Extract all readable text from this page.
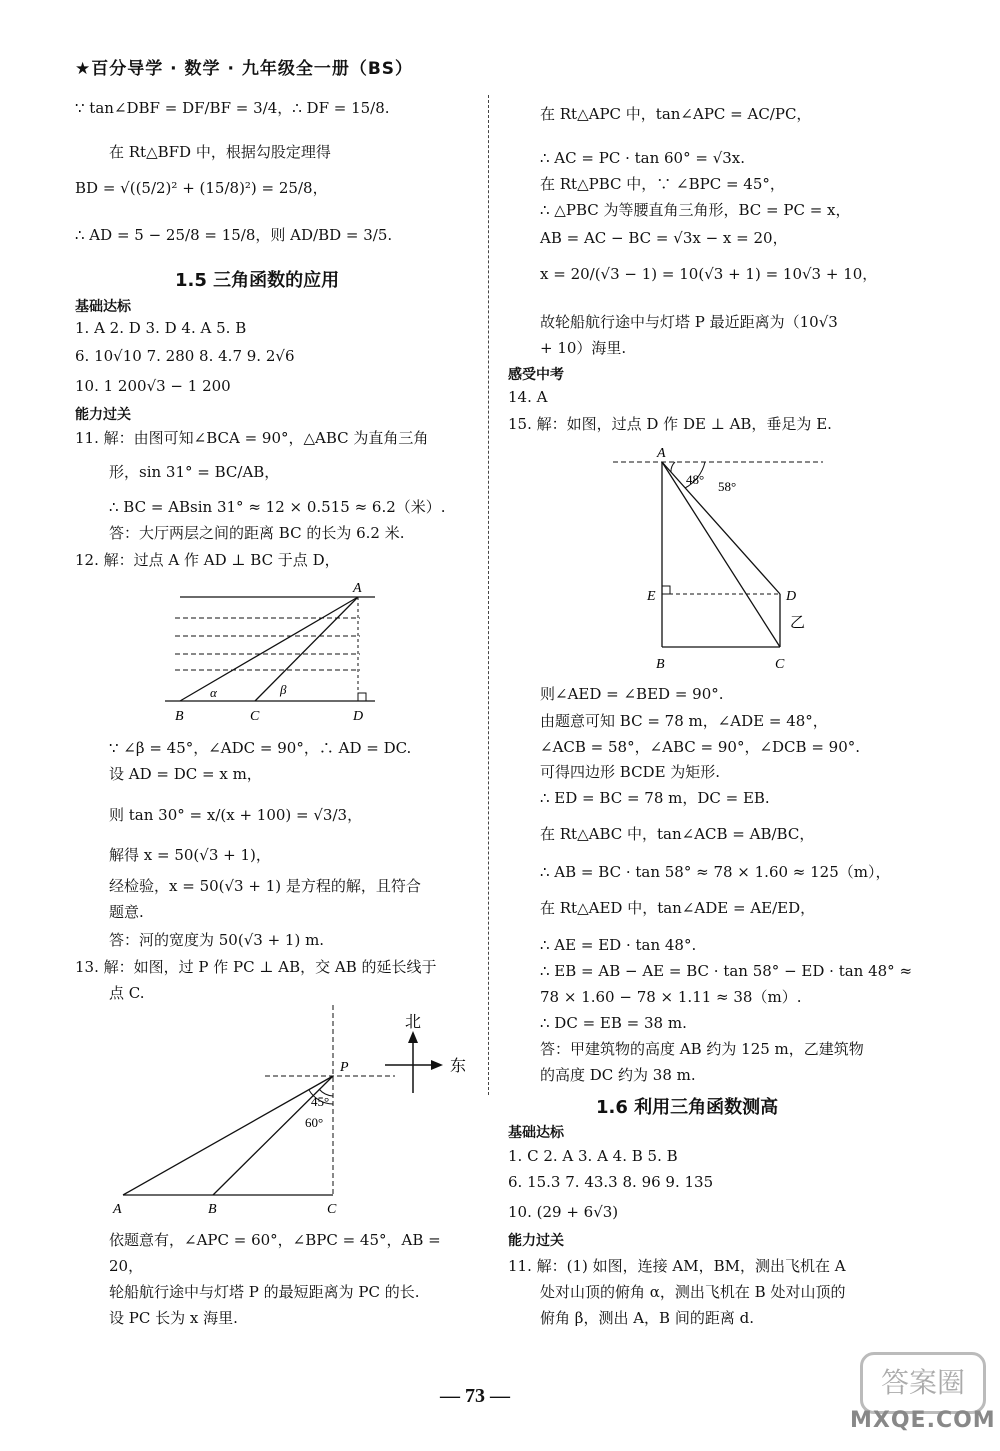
★百分导学 · 数学 · 九年级全一册（BS）
∵ tan∠DBF = DF/BF = 3/4，∴ DF = 15/8.
在 Rt△BFD 中，根据勾股定理得
BD = √((5/2)² + (15/8)²) = 25/8，
∴ AD = 5 − 25/8 = 15/8，则 AD/BD = 3/5.
1.5 三角函数的应用
基础达标
1. A 2. D 3. D 4. A 5. B
6. 10√10 7. 280 8. 4.7 9. 2√6
10. 1 200√3 − 1 200
能力过关
11. 解：由图可知∠BCA = 90°，△ABC 为直角三角
形，sin 31° = BC/AB，
∴ BC = ABsin 31° ≈ 12 × 0.515 ≈ 6.2（米）.
答：大厅两层之间的距离 BC 的长为 6.2 米.
12. 解：过点 A 作 AD ⊥ BC 于点 D，
∵ ∠β = 45°，∠ADC = 90°，∴ AD = DC.
设 AD = DC = x m，
则 tan 30° = x/(x + 100) = √3/3，
解得 x = 50(√3 + 1)，
经检验，x = 50(√3 + 1) 是方程的解，且符合
题意.
答：河的宽度为 50(√3 + 1) m.
13. 解：如图，过 P 作 PC ⊥ AB，交 AB 的延长线于
点 C.
依题意有，∠APC = 60°，∠BPC = 45°，AB =
20，
轮船航行途中与灯塔 P 的最短距离为 PC 的长.
设 PC 长为 x 海里.
A
B	C	D
α	β
P
A	B	C
45°
60°
北
东
在 Rt△APC 中，tan∠APC = AC/PC，
∴ AC = PC · tan 60° = √3x.
在 Rt△PBC 中，∵ ∠BPC = 45°，
∴ △PBC 为等腰直角三角形，BC = PC = x，
AB = AC − BC = √3x − x = 20，
x = 20/(√3 − 1) = 10(√3 + 1) = 10√3 + 10，
故轮船航行途中与灯塔 P 最近距离为（10√3
+ 10）海里.
感受中考
14. A
15. 解：如图，过点 D 作 DE ⊥ AB，垂足为 E.
则∠AED = ∠BED = 90°.
由题意可知 BC = 78 m，∠ADE = 48°，
∠ACB = 58°，∠ABC = 90°，∠DCB = 90°.
可得四边形 BCDE 为矩形.
∴ ED = BC = 78 m，DC = EB.
在 Rt△ABC 中，tan∠ACB = AB/BC，
∴ AB = BC · tan 58° ≈ 78 × 1.60 ≈ 125（m），
在 Rt△AED 中，tan∠ADE = AE/ED，
∴ AE = ED · tan 48°.
∴ EB = AB − AE = BC · tan 58° − ED · tan 48° ≈
78 × 1.60 − 78 × 1.11 ≈ 38（m）.
∴ DC = EB = 38 m.
答：甲建筑物的高度 AB 约为 125 m，乙建筑物
的高度 DC 约为 38 m.
1.6 利用三角函数测高
基础达标
1. C 2. A 3. A 4. B 5. B
6. 15.3 7. 43.3 8. 96 9. 135
10. (29 + 6√3)
能力过关
11. 解：(1) 如图，连接 AM，BM，测出飞机在 A
处对山顶的俯角 α，测出飞机在 B 处对山顶的
俯角 β，测出 A，B 间的距离 d.
A
48° 58°
E	D
乙
B	C
— 73 —	答案圈
MXQE.COM
